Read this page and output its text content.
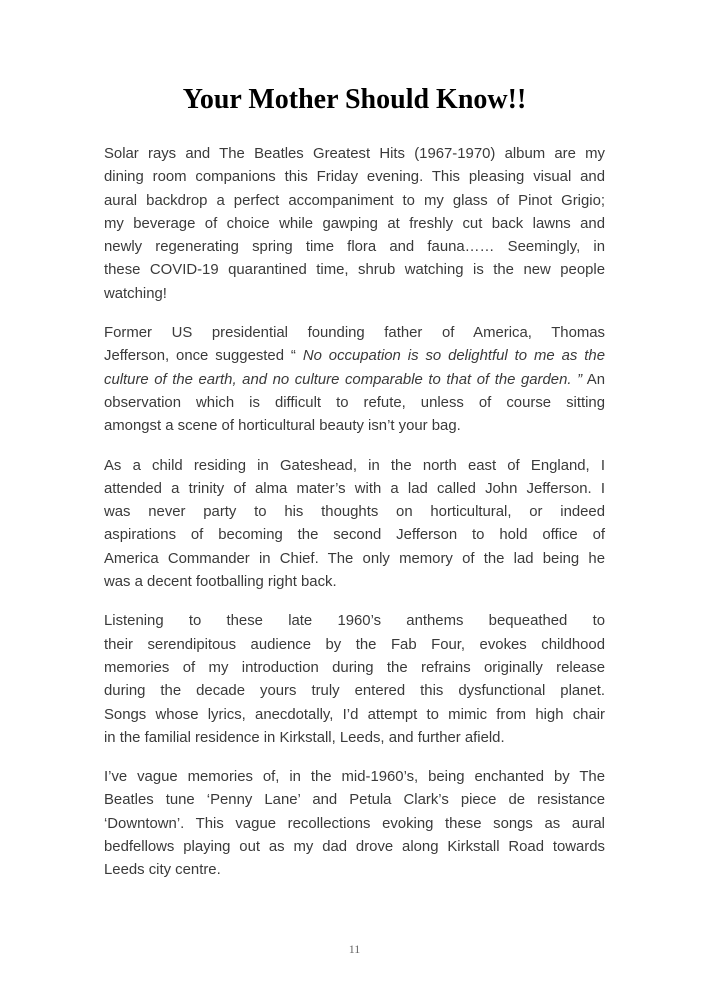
Your Mother Should Know!!
Solar rays and The Beatles Greatest Hits (1967-1970) album are my
dining room companions this Friday evening. This pleasing visual and
aural backdrop a perfect accompaniment to my glass of Pinot Grigio;
my beverage of choice while gawping at freshly cut back lawns and
newly regenerating spring time flora and fauna…… Seemingly, in
these COVID-19 quarantined time, shrub watching is the new people
watching!
Former US presidential founding father of America, Thomas
Jefferson, once suggested “ No occupation is so delightful to me as the
culture of the earth, and no culture comparable to that of the garden. ” An
observation which is difficult to refute, unless of course sitting
amongst a scene of horticultural beauty isn’t your bag.
As a child residing in Gateshead, in the north east of England, I
attended a trinity of alma mater’s with a lad called John Jefferson. I
was never party to his thoughts on horticultural, or indeed
aspirations of becoming the second Jefferson to hold office of
America Commander in Chief. The only memory of the lad being he
was a decent footballing right back.
Listening to these late 1960’s anthems bequeathed to
their serendipitous audience by the Fab Four, evokes childhood
memories of my introduction during the refrains originally release
during the decade yours truly entered this dysfunctional planet.
Songs whose lyrics, anecdotally, I’d attempt to mimic from high chair
in the familial residence in Kirkstall, Leeds, and further afield.
I’ve vague memories of, in the mid-1960’s, being enchanted by The
Beatles tune ‘Penny Lane’ and Petula Clark’s piece de resistance
‘Downtown’. This vague recollections evoking these songs as aural
bedfellows playing out as my dad drove along Kirkstall Road towards
Leeds city centre.
11
